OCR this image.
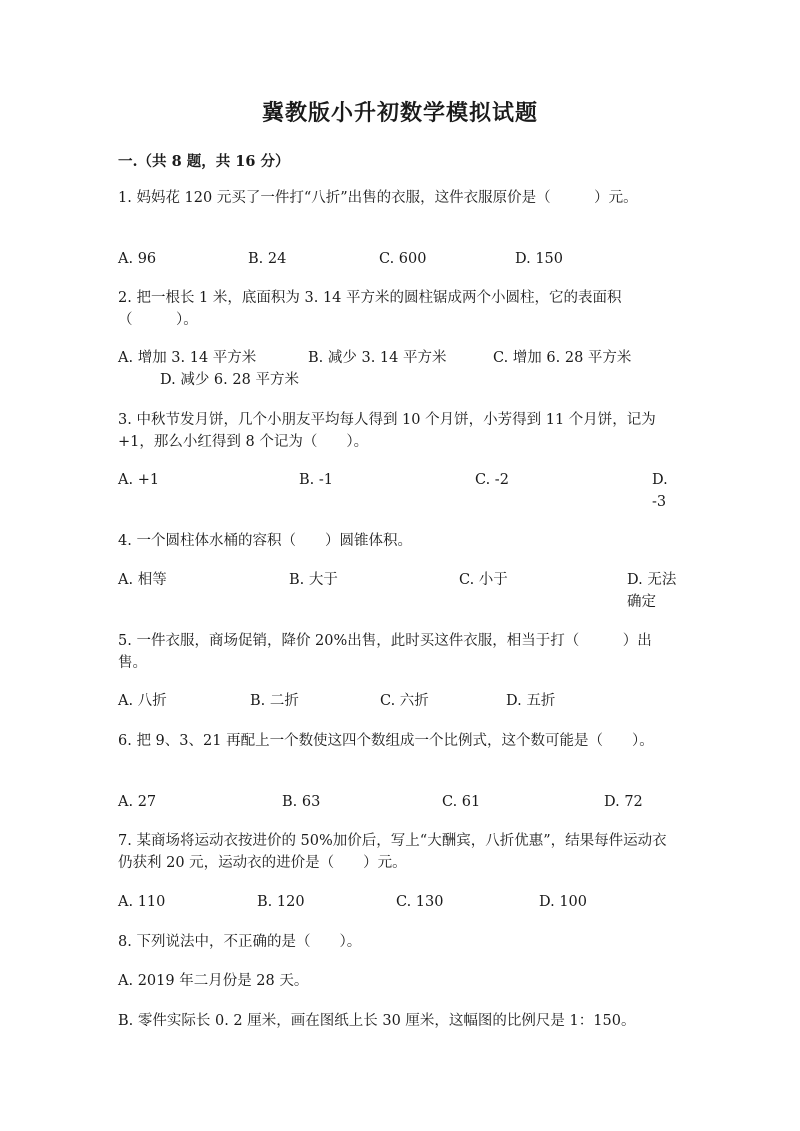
冀教版小升初数学模拟试题
一.（共 8 题，共 16 分）
1. 妈妈花 120 元买了一件打“八折”出售的衣服，这件衣服原价是（　　　）元。
A. 96	B. 24	C. 600	D. 150
2. 把一根长 1 米，底面积为 3. 14 平方米的圆柱锯成两个小圆柱，它的表面积（　　　）。
A. 增加 3. 14 平方米	B. 减少 3. 14 平方米	C. 增加 6. 28 平方米
D. 减少 6. 28 平方米
3. 中秋节发月饼，几个小朋友平均每人得到 10 个月饼，小芳得到 11 个月饼，记为+1，那么小红得到 8 个记为（　　）。
A. +1	B. -1	C. -2	D. -3
4. 一个圆柱体水桶的容积（　　）圆锥体积。
A. 相等	B. 大于	C. 小于	D. 无法确定
5. 一件衣服，商场促销，降价 20%出售，此时买这件衣服，相当于打（　　　）出售。
A. 八折	B. 二折	C. 六折	D. 五折
6. 把 9、3、21 再配上一个数使这四个数组成一个比例式，这个数可能是（　　）。
A. 27	B. 63	C. 61	D. 72
7. 某商场将运动衣按进价的 50%加价后，写上“大酬宾，八折优惠”，结果每件运动衣仍获利 20 元，运动衣的进价是（　　）元。
A. 110	B. 120	C. 130	D. 100
8. 下列说法中，不正确的是（　　）。
A. 2019 年二月份是 28 天。
B. 零件实际长 0. 2 厘米，画在图纸上长 30 厘米，这幅图的比例尺是 1：150。
